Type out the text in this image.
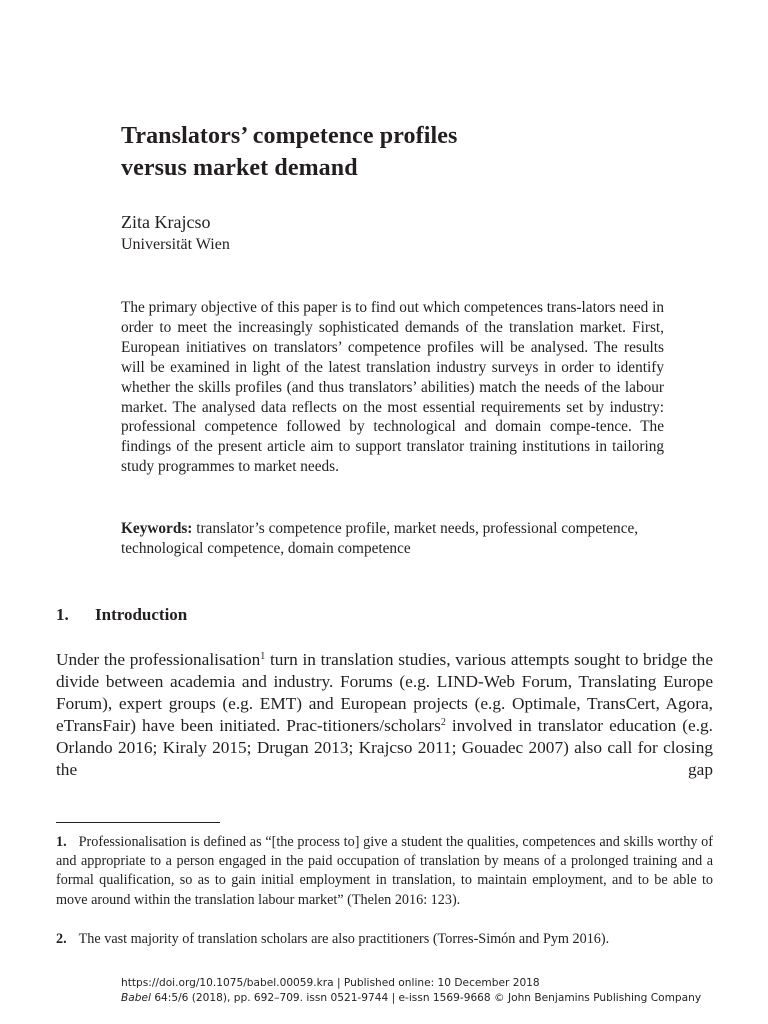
Translators’ competence profiles
versus market demand

Zita Krajcso

Universität Wien

The primary objective of this paper is to find out which competences trans-lators need in order to meet the increasingly sophisticated demands of the translation market. First, European initiatives on translators’ competence profiles will be analysed. The results will be examined in light of the latest translation industry surveys in order to identify whether the skills profiles (and thus translators’ abilities) match the needs of the labour market. The analysed data reflects on the most essential requirements set by industry: professional competence followed by technological and domain compe-tence. The findings of the present article aim to support translator training institutions in tailoring study programmes to market needs.

Keywords: translator’s competence profile, market needs, professional competence, technological competence, domain competence

1. Introduction

Under the professionalisation$^1$ turn in translation studies, various attempts sought to bridge the divide between academia and industry. Forums (e.g. LIND-Web Forum, Translating Europe Forum), expert groups (e.g. EMT) and European projects (e.g. Optimale, TransCert, Agora, eTransFair) have been initiated. Prac-titioners/scholars$^2$ involved in translator education (e.g. Orlando 2016; Kiraly 2015; Drugan 2013; Krajcso 2011; Gouadec 2007) also call for closing the gap

1. Professionalisation is defined as “[the process to] give a student the qualities, competences and skills worthy of and appropriate to a person engaged in the paid occupation of translation by means of a prolonged training and a formal qualification, so as to gain initial employment in translation, to maintain employment, and to be able to move around within the translation labour market” (Thelen 2016: 123).

2. The vast majority of translation scholars are also practitioners (Torres-Simón and Pym 2016).

https://doi.org/10.1075/babel.00059.kra | Published online: 10 December 2018

Babel 64:5/6 (2018), pp. 692–709. issn 0521-9744 | e-issn 1569-9668 © John Benjamins Publishing Company
